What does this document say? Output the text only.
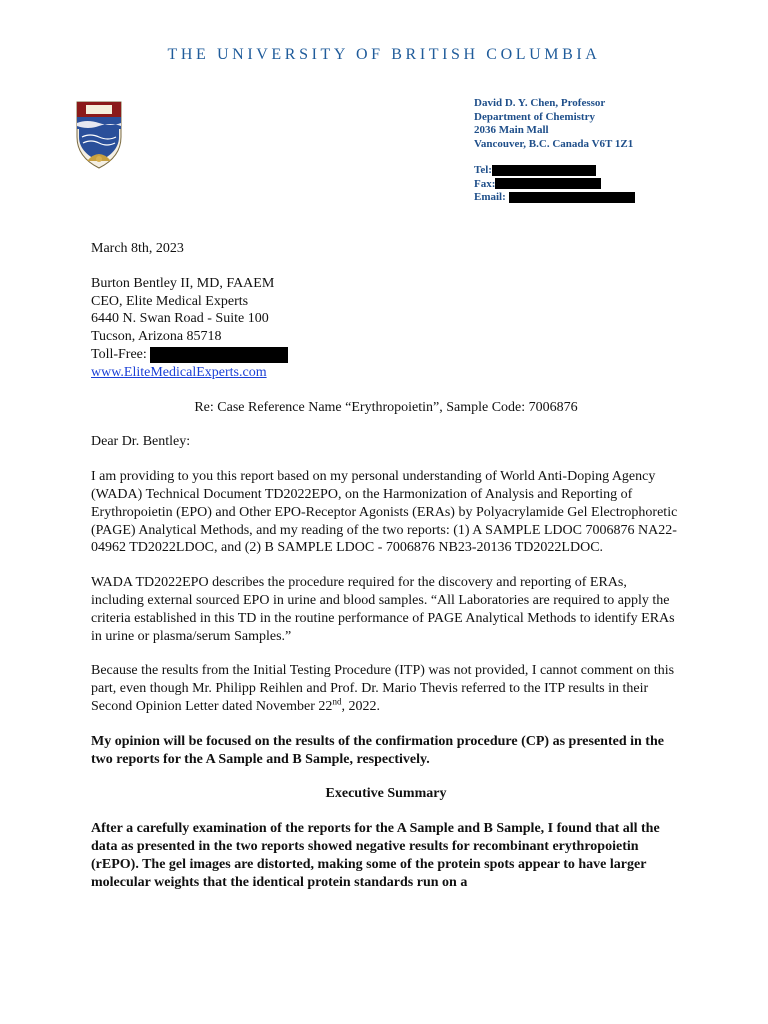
THE UNIVERSITY OF BRITISH COLUMBIA
David D. Y. Chen, Professor
Department of Chemistry
2036 Main Mall
Vancouver, B.C. Canada V6T 1Z1
Tel:
Fax:
Email:
March 8th, 2023
Burton Bentley II, MD, FAAEM
CEO, Elite Medical Experts
6440 N. Swan Road - Suite 100
Tucson, Arizona 85718
Toll-Free:
www.EliteMedicalExperts.com
Re: Case Reference Name “Erythropoietin”, Sample Code: 7006876
Dear Dr. Bentley:
I am providing to you this report based on my personal understanding of World Anti-Doping Agency (WADA) Technical Document TD2022EPO, on the Harmonization of Analysis and Reporting of Erythropoietin (EPO) and Other EPO-Receptor Agonists (ERAs) by Polyacrylamide Gel Electrophoretic (PAGE) Analytical Methods, and my reading of the two reports: (1) A SAMPLE LDOC 7006876 NA22-04962 TD2022LDOC, and (2) B SAMPLE LDOC - 7006876 NB23-20136 TD2022LDOC.
WADA TD2022EPO describes the procedure required for the discovery and reporting of ERAs, including external sourced EPO in urine and blood samples. “All Laboratories are required to apply the criteria established in this TD in the routine performance of PAGE Analytical Methods to identify ERAs in urine or plasma/serum Samples.”
Because the results from the Initial Testing Procedure (ITP) was not provided, I cannot comment on this part, even though Mr. Philipp Reihlen and Prof. Dr. Mario Thevis referred to the ITP results in their Second Opinion Letter dated November 22nd, 2022.
My opinion will be focused on the results of the confirmation procedure (CP) as presented in the two reports for the A Sample and B Sample, respectively.
Executive Summary
After a carefully examination of the reports for the A Sample and B Sample, I found that all the data as presented in the two reports showed negative results for recombinant erythropoietin (rEPO). The gel images are distorted, making some of the protein spots appear to have larger molecular weights that the identical protein standards run on a
